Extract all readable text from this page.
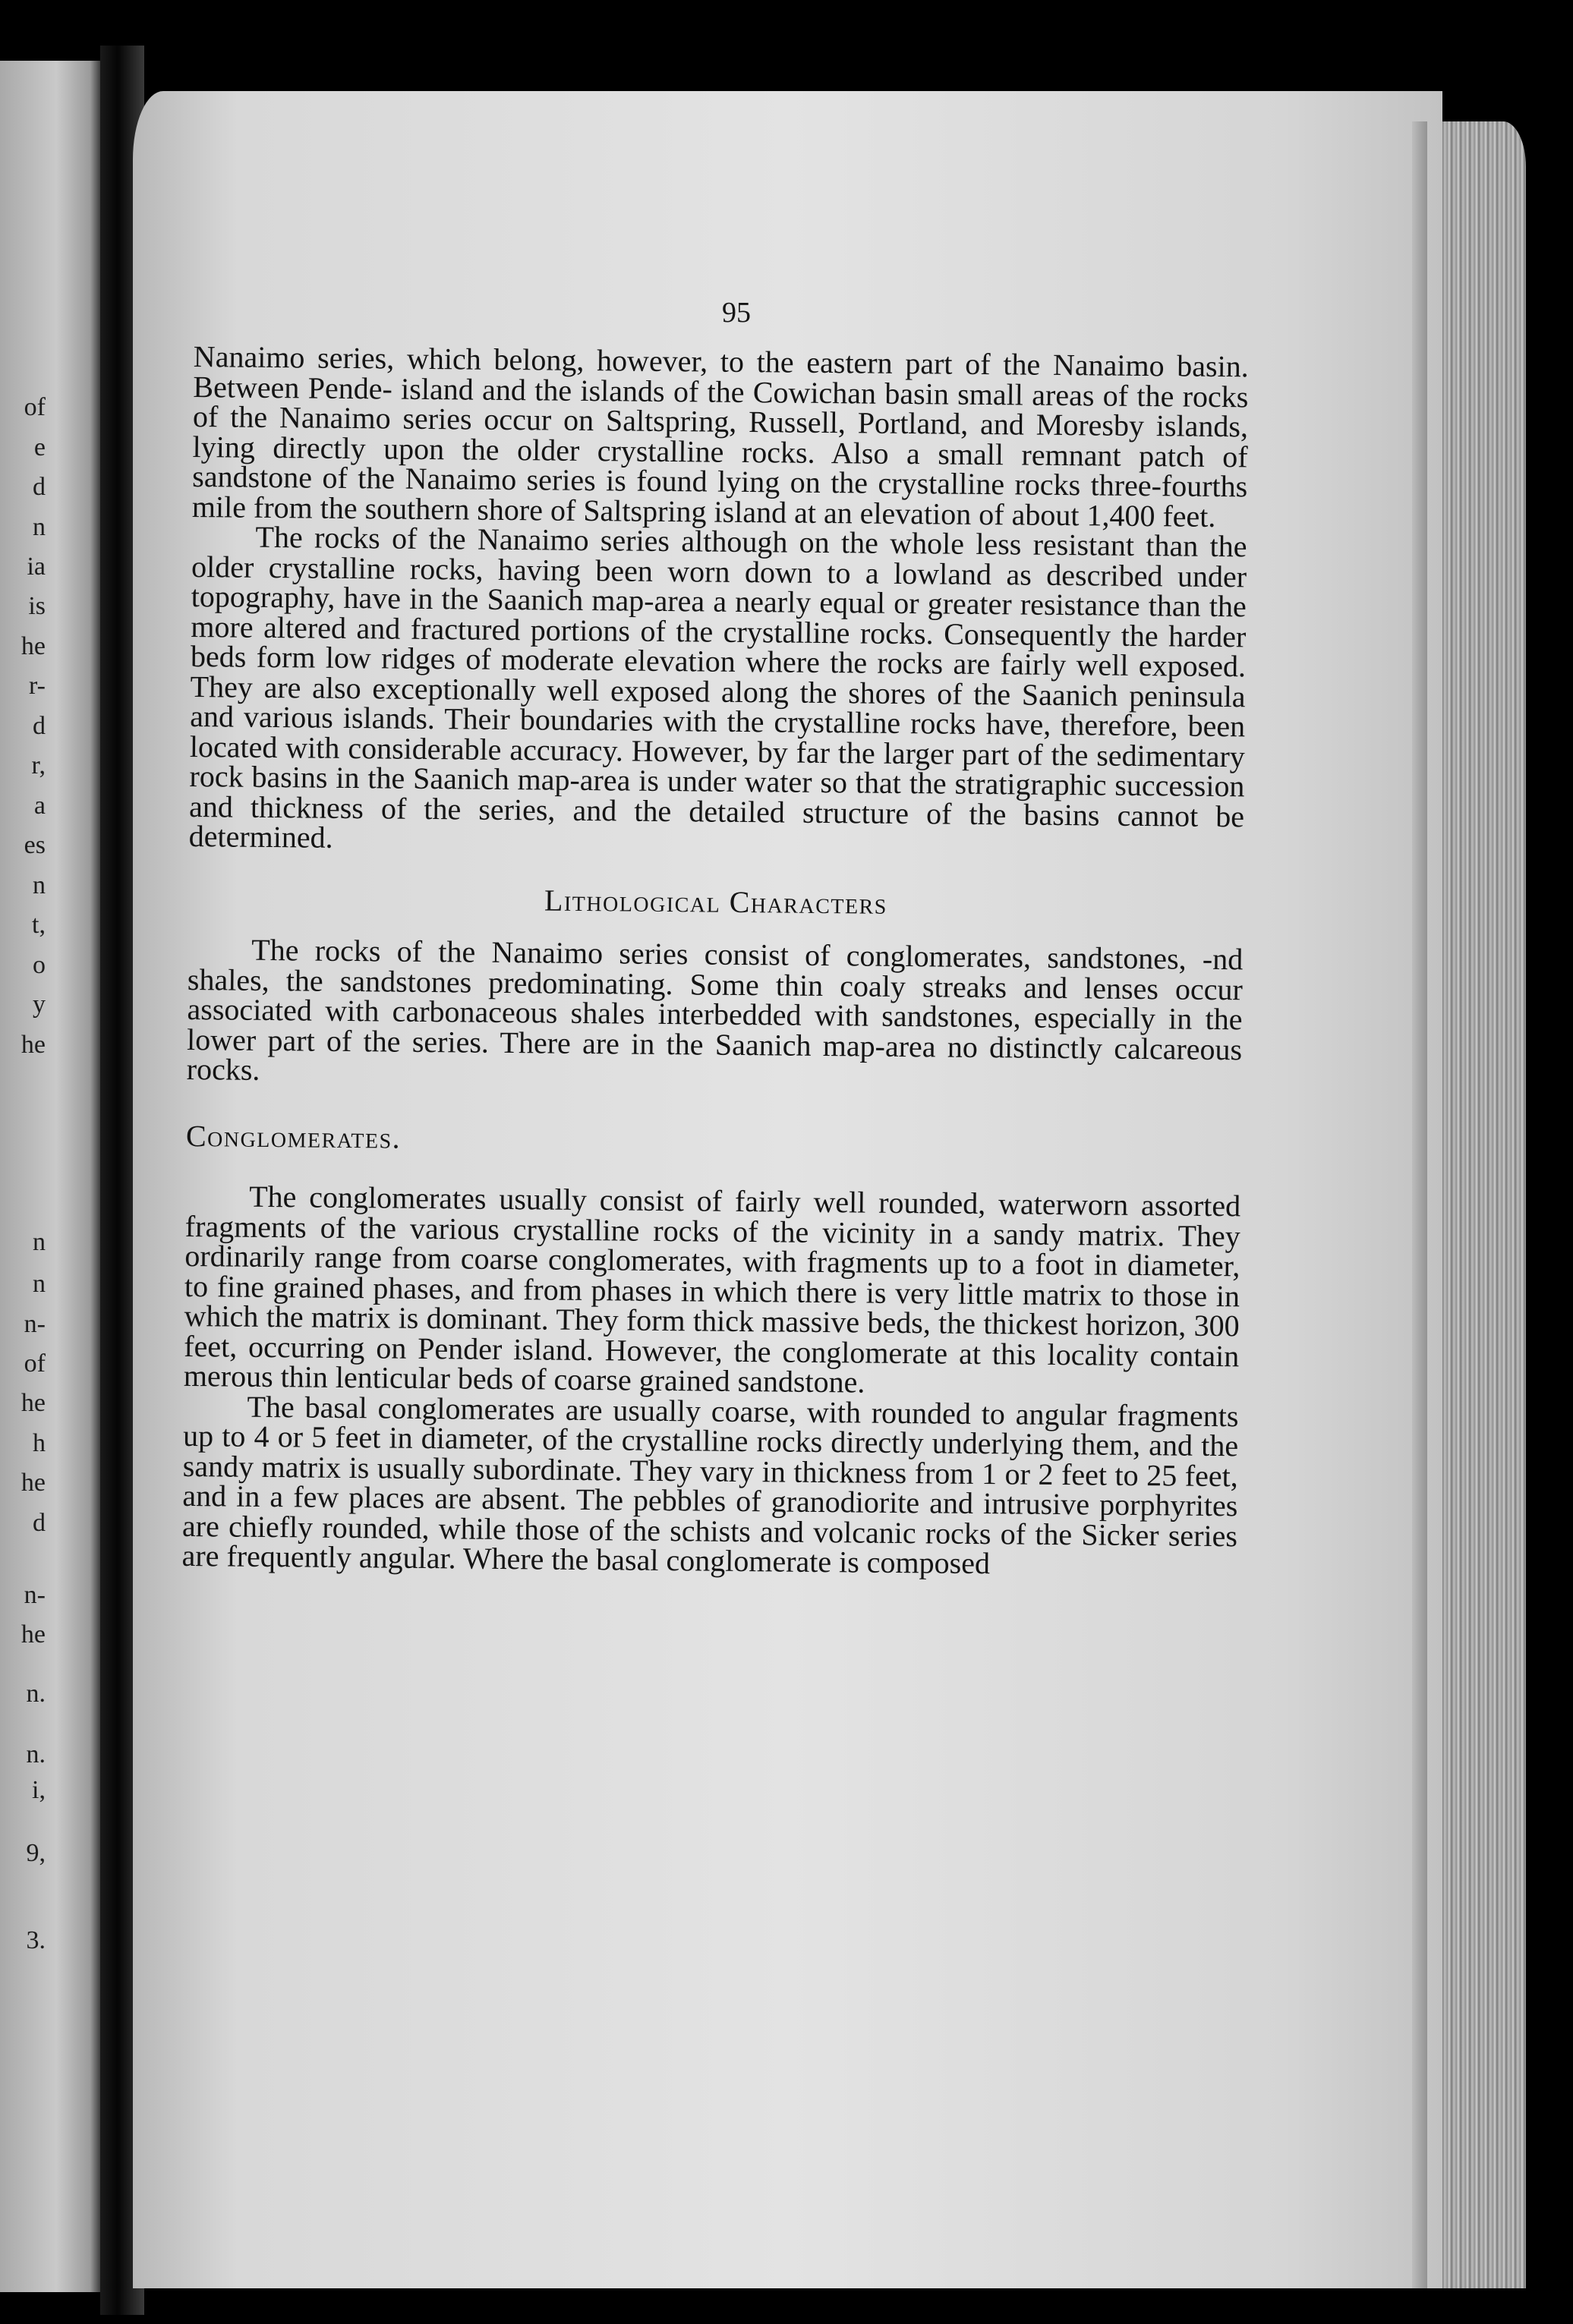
of
e
d
n
ia
is
he
r-
d
r,
a
es
n
t,
o
y
he
n
n
n-
of
he
h
he
d
n-
he
n.
n.
i,
9,
3.
95

Nanaimo series, which belong, however, to the eastern part of the Nanaimo basin. Between Pende- island and the islands of the Cowichan basin small areas of the rocks of the Nanaimo series occur on Saltspring, Russell, Portland, and Moresby islands, lying directly upon the older crystalline rocks. Also a small remnant patch of sandstone of the Nanaimo series is found lying on the crystalline rocks three-fourths mile from the southern shore of Saltspring island at an elevation of about 1,400 feet.

The rocks of the Nanaimo series although on the whole less resistant than the older crystalline rocks, having been worn down to a lowland as described under topography, have in the Saanich map-area a nearly equal or greater resistance than the more altered and fractured portions of the crystalline rocks. Consequently the harder beds form low ridges of moderate elevation where the rocks are fairly well exposed. They are also exceptionally well exposed along the shores of the Saanich peninsula and various islands. Their boundaries with the crystalline rocks have, therefore, been located with considerable accuracy. However, by far the larger part of the sedimentary rock basins in the Saanich map-area is under water so that the stratigraphic succession and thickness of the series, and the detailed structure of the basins cannot be determined.

Lithological Characters

The rocks of the Nanaimo series consist of conglomerates, sandstones, -nd shales, the sandstones predominating. Some thin coaly streaks and lenses occur associated with carbonaceous shales interbedded with sandstones, especially in the lower part of the series. There are in the Saanich map-area no distinctly calcareous rocks.

Conglomerates.

The conglomerates usually consist of fairly well rounded, waterworn assorted fragments of the various crystalline rocks of the vicinity in a sandy matrix. They ordinarily range from coarse conglomerates, with fragments up to a foot in diameter, to fine grained phases, and from phases in which there is very little matrix to those in which the matrix is dominant. They form thick massive beds, the thickest horizon, 300 feet, occurring on Pender island. However, the conglomerate at this locality contain merous thin lenticular beds of coarse grained sandstone.

The basal conglomerates are usually coarse, with rounded to angular fragments up to 4 or 5 feet in diameter, of the crystalline rocks directly underlying them, and the sandy matrix is usually subordinate. They vary in thickness from 1 or 2 feet to 25 feet, and in a few places are absent. The pebbles of granodiorite and intrusive porphyrites are chiefly rounded, while those of the schists and volcanic rocks of the Sicker series are frequently angular. Where the basal conglomerate is composed
